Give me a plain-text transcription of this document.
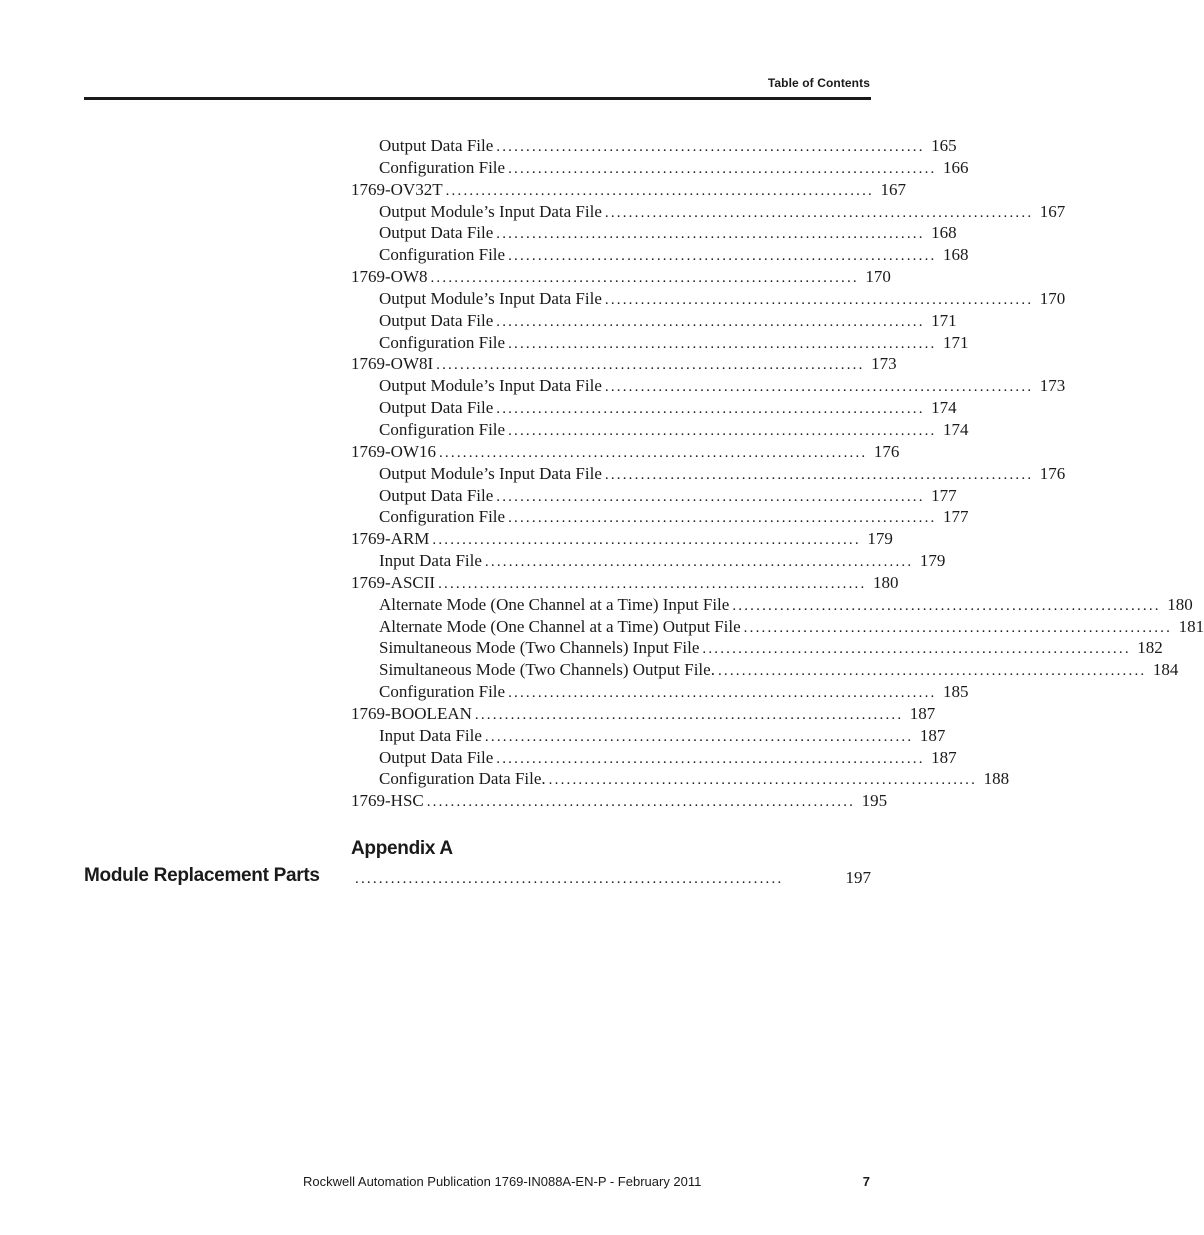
Table of Contents
Output Data File ........................................................................ 165
Configuration File ........................................................................ 166
1769-OV32T ........................................................................ 167
Output Module’s Input Data File ........................................................................ 167
Output Data File ........................................................................ 168
Configuration File ........................................................................ 168
1769-OW8 ........................................................................ 170
Output Module’s Input Data File ........................................................................ 170
Output Data File ........................................................................ 171
Configuration File ........................................................................ 171
1769-OW8I ........................................................................ 173
Output Module’s Input Data File ........................................................................ 173
Output Data File ........................................................................ 174
Configuration File ........................................................................ 174
1769-OW16 ........................................................................ 176
Output Module’s Input Data File ........................................................................ 176
Output Data File ........................................................................ 177
Configuration File ........................................................................ 177
1769-ARM ........................................................................ 179
Input Data File ........................................................................ 179
1769-ASCII ........................................................................ 180
Alternate Mode (One Channel at a Time) Input File ........................................................................ 180
Alternate Mode (One Channel at a Time) Output File ........................................................................ 181
Simultaneous Mode (Two Channels) Input File ........................................................................ 182
Simultaneous Mode (Two Channels) Output File. ........................................................................ 184
Configuration File ........................................................................ 185
1769-BOOLEAN ........................................................................ 187
Input Data File ........................................................................ 187
Output Data File ........................................................................ 187
Configuration Data File. ........................................................................ 188
1769-HSC ........................................................................ 195
Appendix A
Module Replacement Parts ........................................................................	197
Rockwell Automation Publication 1769-IN088A-EN-P - February 2011	7
